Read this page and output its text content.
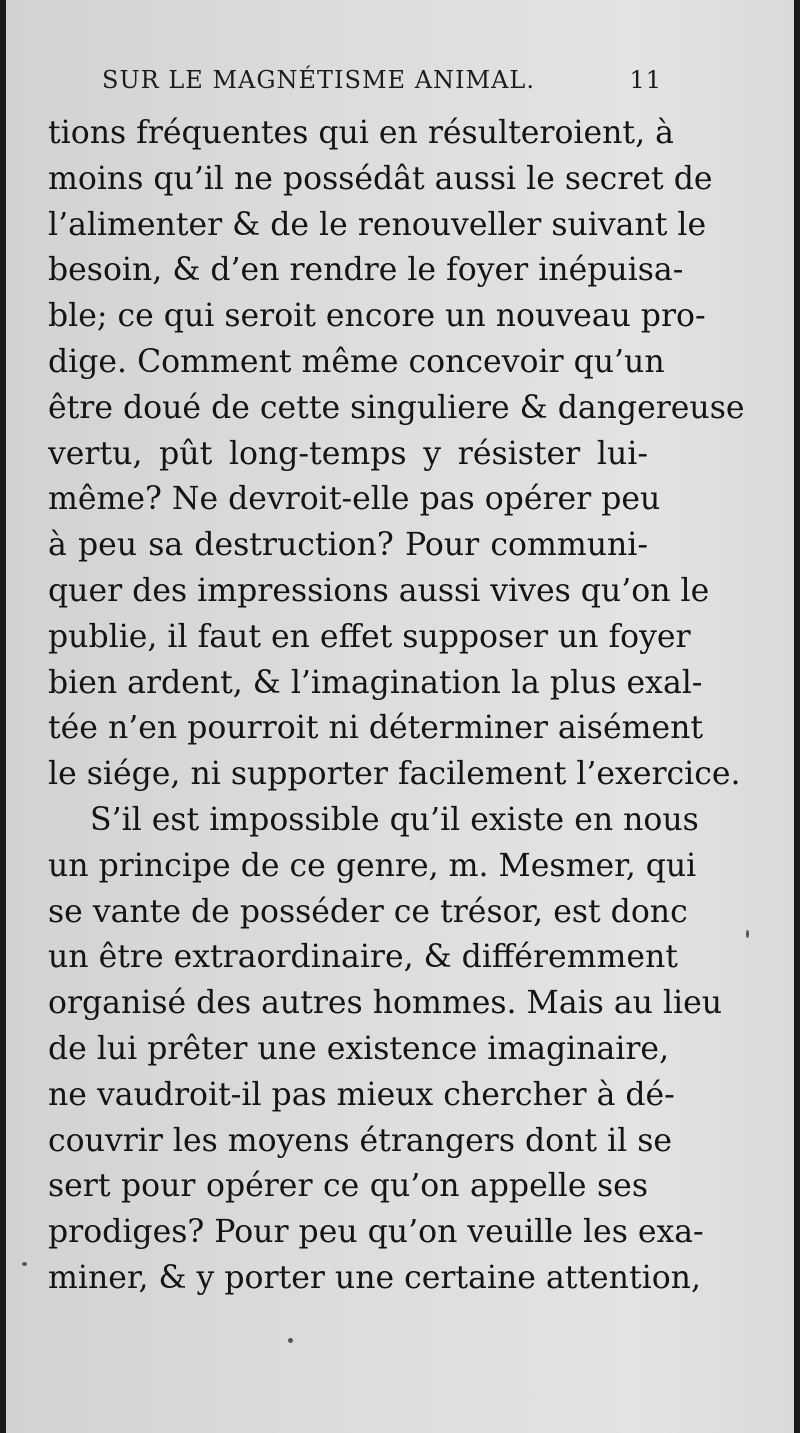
SUR LE MAGNÉTISME ANIMAL.	11
tions fréquentes qui en résulteroient, à
moins qu’il ne possédât aussi le secret de
l’alimenter & de le renouveller suivant le
besoin, & d’en rendre le foyer inépuisa-
ble; ce qui seroit encore un nouveau pro-
dige. Comment même concevoir qu’un
être doué de cette singuliere & dangereuse
vertu, pût long-temps y résister lui-
même? Ne devroit-elle pas opérer peu
à peu sa destruction? Pour communi-
quer des impressions aussi vives qu’on le
publie, il faut en effet supposer un foyer
bien ardent, & l’imagination la plus exal-
tée n’en pourroit ni déterminer aisément
le siége, ni supporter facilement l’exercice.
S’il est impossible qu’il existe en nous
un principe de ce genre, m. Mesmer, qui
se vante de posséder ce trésor, est donc
un être extraordinaire, & différemment
organisé des autres hommes. Mais au lieu
de lui prêter une existence imaginaire,
ne vaudroit-il pas mieux chercher à dé-
couvrir les moyens étrangers dont il se
sert pour opérer ce qu’on appelle ses
prodiges? Pour peu qu’on veuille les exa-
miner, & y porter une certaine attention,
